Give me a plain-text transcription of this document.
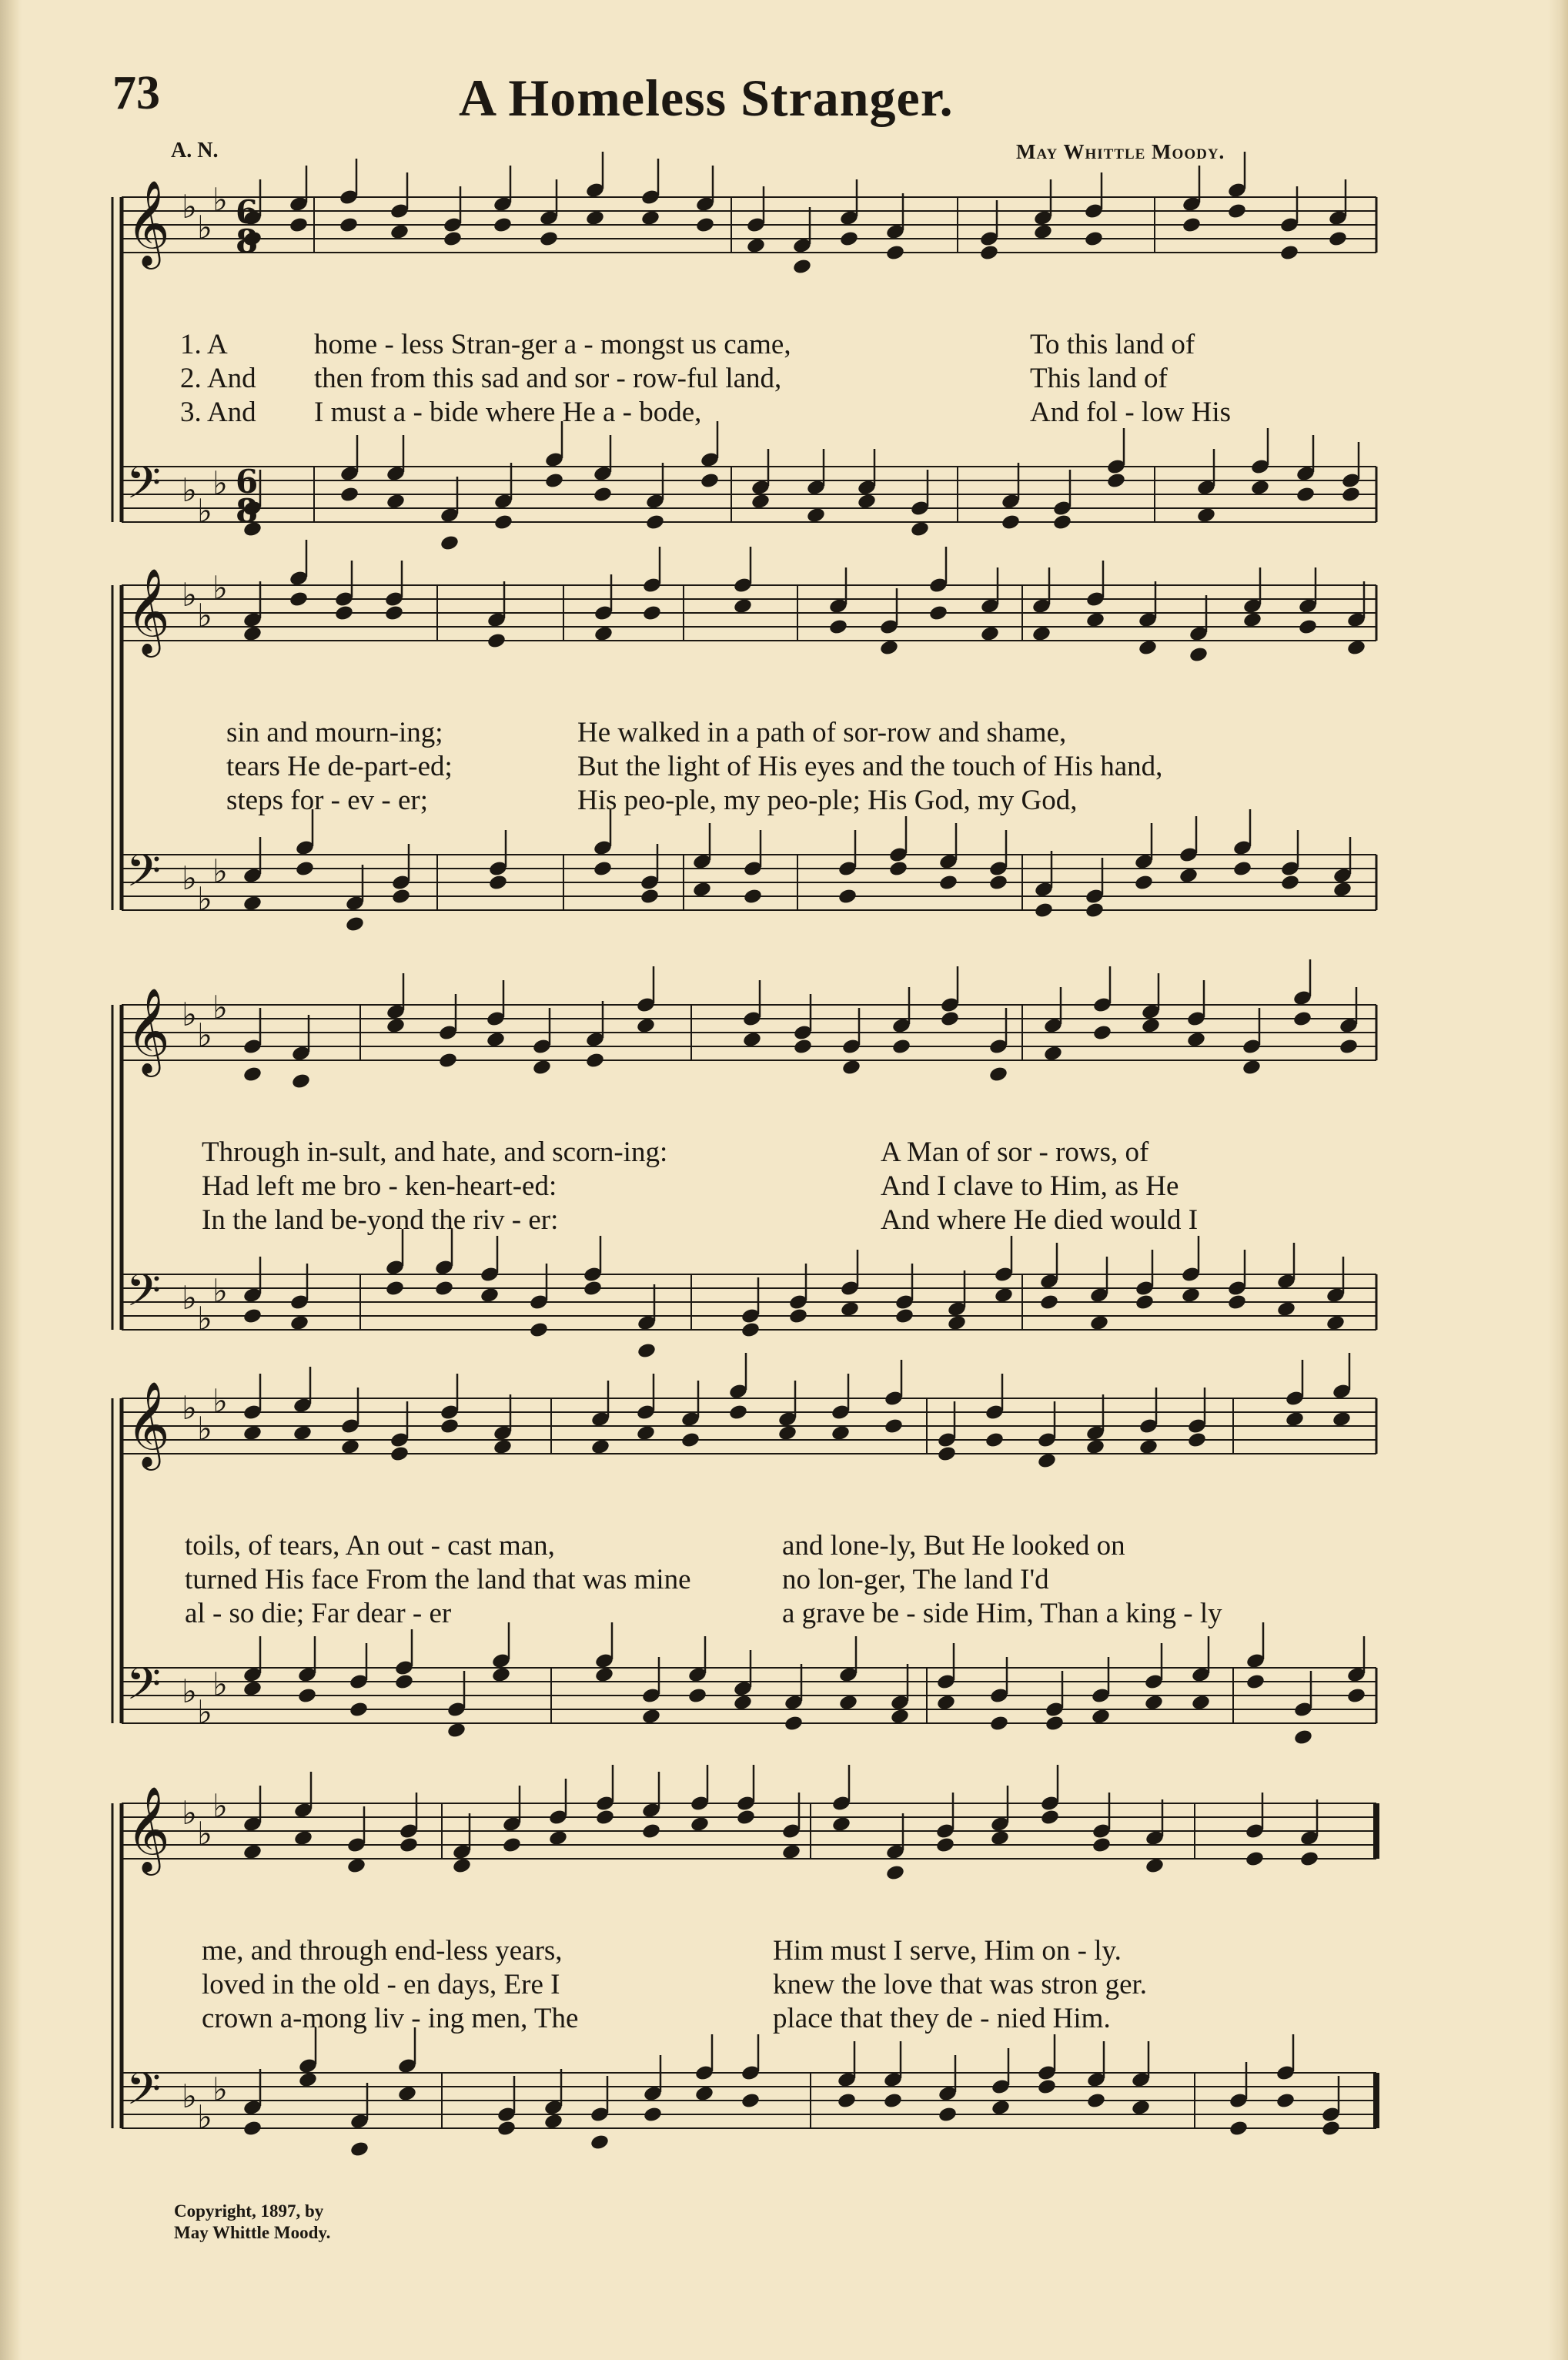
73	A Homeless Stranger.
A. N.	May Whittle Moody.
𝄞 ♭
♭
♭
𝄢 ♭
♭
♭
6
8
6
8
1. A	home - less Stran-ger a - mongst us came,	To this land of
2. And then from this sad and sor - row-ful land,	This land of
3. And I must a - bide where He a - bode,	And fol - low His
𝄞 ♭
♭
♭
𝄢 ♭
♭
♭
sin and mourn-ing;	He walked in a path of sor-row and shame,
tears He de-part-ed;	But the light of His eyes and the touch of His hand,
steps for - ev - er;	His peo-ple, my peo-ple; His God, my God,
𝄞 ♭
♭
♭
𝄢 ♭
♭
♭
Through in-sult, and hate, and scorn-ing:	A Man of sor - rows, of
Had left me bro - ken-heart-ed:	And I clave to Him, as He
In the land be-yond the riv - er:	And where He died would I
𝄞 ♭
♭
♭
𝄢 ♭
♭
♭
toils, of tears, An out - cast man,	and lone-ly, But He looked on
turned His face From the land that was mine	no lon-ger, The land I'd
al - so die; Far dear - er	a grave be - side Him, Than a king - ly
𝄞 ♭
♭
♭
𝄢 ♭
♭
♭
me, and through end-less years,	Him must I serve, Him on - ly.
loved in the old - en days, Ere I	knew the love that was stron ger.
crown a-mong liv - ing men, The	place that they de - nied Him.
Copyright, 1897, by
May Whittle Moody.
